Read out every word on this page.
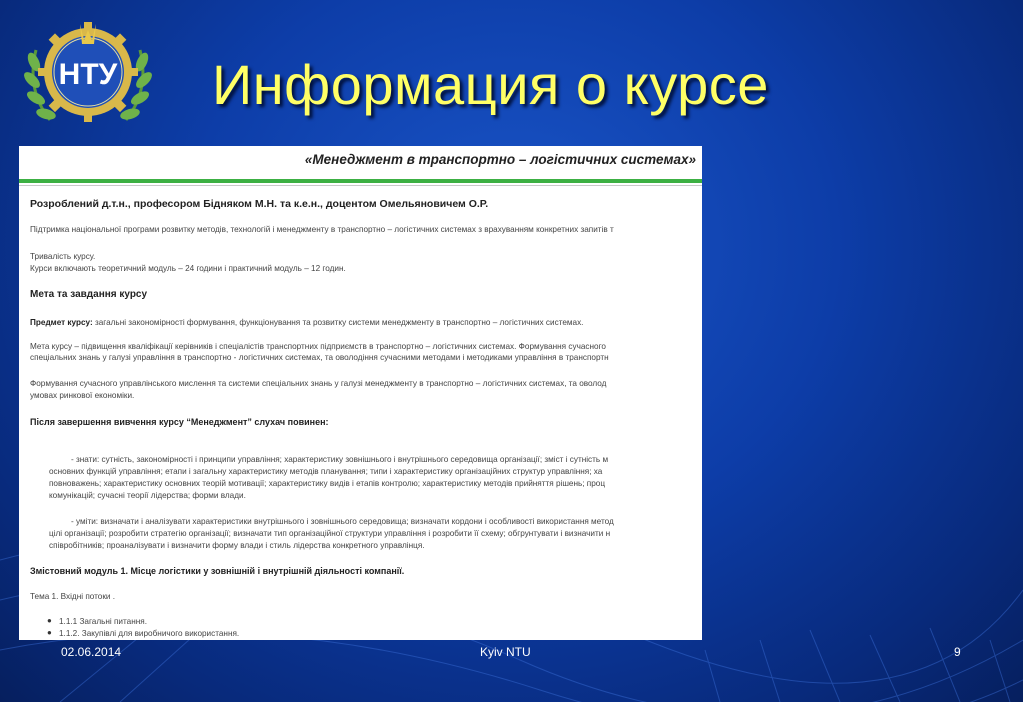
НТУ Информация о курсе
«Менеджмент в транспортно – логістичних системах»
Розроблений д.т.н., професором Бідняком М.Н. та к.е.н., доцентом Омельяновичем О.Р.
Підтримка національної програми розвитку методів, технологій і менеджменту в транспортно – логістичних системах з врахуванням конкретних запитів т
Тривалість курсу.
Курси включають теоретичний модуль – 24 години і практичний модуль – 12 годин.
Мета та завдання курсу
Предмет курсу: загальні закономірності формування, функціонування та розвитку системи менеджменту в транспортно – логістичних системах.
Мета курсу – підвищення кваліфікації керівників і спеціалістів транспортних підприємств в транспортно – логістичних системах. Формування сучасного
спеціальних знань у галузі управління в транспортно - логістичних системах, та оволодіння сучасними методами і методиками управління в транспортн
Формування сучасного управлінського мислення та системи спеціальних знань у галузі менеджменту в транспортно – логістичних системах, та оволод
умовах ринкової економіки.
Після завершення вивчення курсу “Менеджмент” слухач повинен:
- знати: сутність, закономірності і принципи управління; характеристику зовнішнього і внутрішнього середовища організації; зміст і сутність м
основних функцій управління; етапи і загальну характеристику методів планування; типи і характеристику організаційних структур управління; ха
повноважень; характеристику основних теорій мотивації; характеристику видів і етапів контролю; характеристику методів прийняття рішень; проц
комунікацій; сучасні теорії лідерства; форми влади.
- уміти: визначати і аналізувати характеристики внутрішнього і зовнішнього середовища; визначати кордони і особливості використання метод
цілі організації; розробити стратегію організації; визначати тип організаційної структури управління і розробити її схему; обгрунтувати і визначити н
співробітників; проаналізувати і визначити форму влади і стиль лідерства конкретного управлінця.
Змістовний модуль 1. Місце логістики у зовнішній і внутрішній діяльності компанії.
Тема 1. Вхідні потоки .
● 1.1.1 Загальні питання.
● 1.1.2. Закупівлі для виробничого використання.
02.06.2014	Kyiv NTU	9
